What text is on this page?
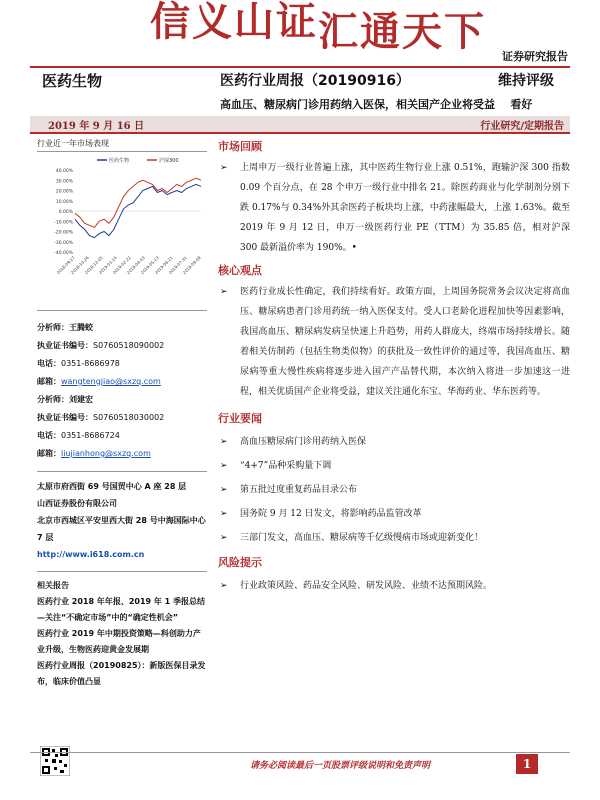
信义山证汇通天下
证券研究报告
医药生物	医药行业周报（20190916）	维持评级
高血压、糖尿病门诊用药纳入医保，相关国产企业将受益 看好
2019 年 9 月 16 日	行业研究/定期报告
行业近一年市场表现
医药生物	沪深300
40.00%
30.00%
20.00%
10.00%
0.00%
-10.00%
-20.00%
-30.00%
-40.00%
2018-09-17
2018-10-26
2018-12-05
2019-01-14
2019-02-22
2019-04-03
2019-05-13
2019-06-21
2019-07-31
2019-09-09
分析师：王腾蛟
执业证书编号：S0760518090002
电话：0351-8686978
邮箱：wangtengjiao@sxzq.com
分析师：刘建宏
执业证书编号：S0760518030002
电话：0351-8686724
邮箱：liujianhong@sxzq.com
太原市府西街 69 号国贸中心 A 座 28 层
山西证券股份有限公司
北京市西城区平安里西大街 28 号中海国际中心 7 层
http://www.i618.com.cn
相关报告
医药行业 2018 年年报、2019 年 1 季报总结—关注“不确定市场”中的“确定性机会”
医药行业 2019 年中期投资策略—科创助力产业升级，生物医药迎黄金发展期
医药行业周报（20190825）：新版医保目录发布，临床价值凸显
市场回顾
➢ 上周申万一级行业普遍上涨，其中医药生物行业上涨 0.51%，跑输沪深 300 指数 0.09 个百分点，在 28 个申万一级行业中排名 21。除医药商业与化学制剂分别下跌 0.17%与 0.34%外其余医药子板块均上涨，中药涨幅最大，上涨 1.63%。截至 2019 年 9 月 12 日，申万一级医药行业 PE（TTM）为 35.85 倍，相对沪深 300 最新溢价率为 190%。•
核心观点
➢ 医药行业成长性确定，我们持续看好。政策方面，上周国务院常务会议决定将高血压、糖尿病患者门诊用药统一纳入医保支付。受人口老龄化进程加快等因素影响，我国高血压、糖尿病发病呈快速上升趋势，用药人群庞大，终端市场持续增长。随着相关仿制药（包括生物类似物）的获批及一致性评价的通过等，我国高血压、糖尿病等重大慢性疾病将逐步进入国产产品替代期，本次纳入将进一步加速这一进程，相关优质国产企业将受益，建议关注通化东宝、华海药业、华东医药等。
行业要闻
➢ 高血压糖尿病门诊用药纳入医保
➢ “4+7”品种采购量下调
➢ 第五批过度重复药品目录公布
➢ 国务院 9 月 12 日发文，将影响药品监管改革
➢ 三部门发文，高血压、糖尿病等千亿级慢病市场或迎新变化！
风险提示
➢ 行业政策风险、药品安全风险、研发风险、业绩不达预期风险。
请务必阅读最后一页股票评级说明和免责声明	1
